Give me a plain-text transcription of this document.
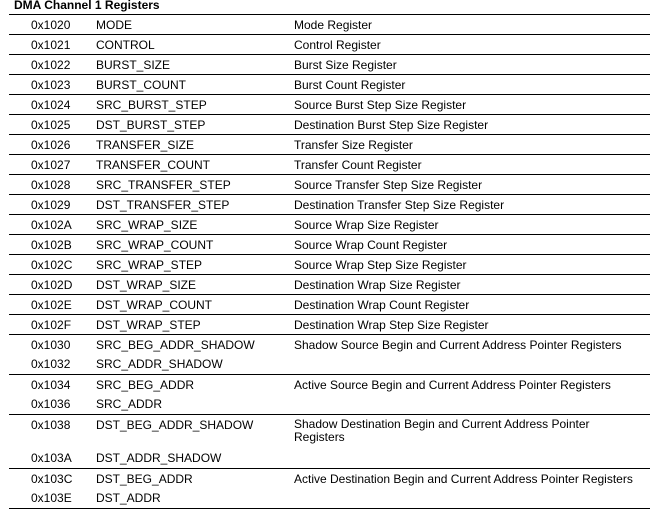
DMA Channel 1 Registers
0x1020	MODE	Mode Register
0x1021	CONTROL	Control Register
0x1022	BURST_SIZE	Burst Size Register
0x1023	BURST_COUNT	Burst Count Register
0x1024	SRC_BURST_STEP	Source Burst Step Size Register
0x1025	DST_BURST_STEP	Destination Burst Step Size Register
0x1026	TRANSFER_SIZE	Transfer Size Register
0x1027	TRANSFER_COUNT	Transfer Count Register
0x1028	SRC_TRANSFER_STEP	Source Transfer Step Size Register
0x1029	DST_TRANSFER_STEP	Destination Transfer Step Size Register
0x102A	SRC_WRAP_SIZE	Source Wrap Size Register
0x102B	SRC_WRAP_COUNT	Source Wrap Count Register
0x102C	SRC_WRAP_STEP	Source Wrap Step Size Register
0x102D	DST_WRAP_SIZE	Destination Wrap Size Register
0x102E	DST_WRAP_COUNT	Destination Wrap Count Register
0x102F	DST_WRAP_STEP	Destination Wrap Step Size Register
0x1030	SRC_BEG_ADDR_SHADOW	Shadow Source Begin and Current Address Pointer Registers
0x1032	SRC_ADDR_SHADOW	
0x1034	SRC_BEG_ADDR	Active Source Begin and Current Address Pointer Registers
0x1036	SRC_ADDR	
0x1038	DST_BEG_ADDR_SHADOW	Shadow Destination Begin and Current Address Pointer Registers

0x103A	DST_ADDR_SHADOW	
0x103C	DST_BEG_ADDR	Active Destination Begin and Current Address Pointer Registers
0x103E	DST_ADDR	
